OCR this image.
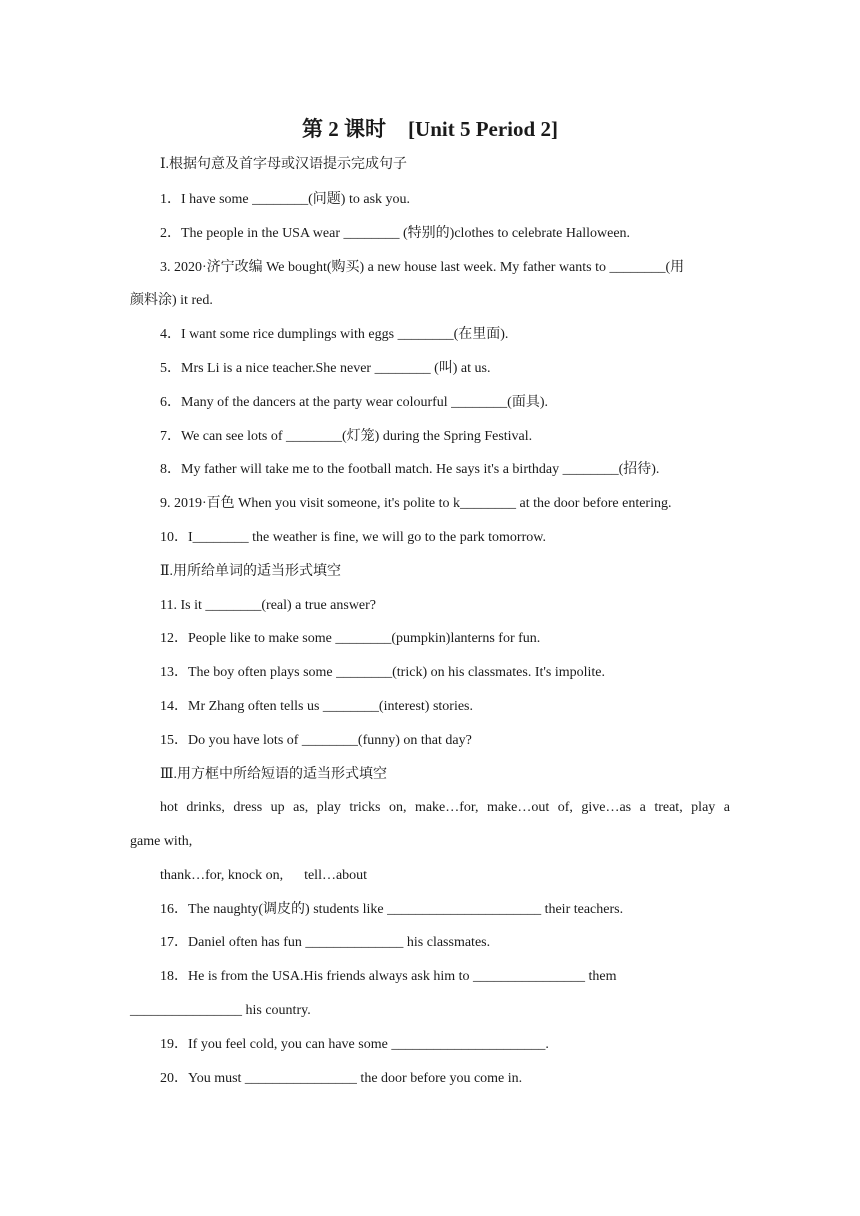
第 2 课时 [Unit 5 Period 2]
Ⅰ.根据句意及首字母或汉语提示完成句子
1．I have some ________(问题) to ask you.
2．The people in the USA wear ________ (特别的)clothes to celebrate Halloween.
3. 2020·济宁改编 We bought(购买) a new house last week. My father wants to ________(用
颜料涂) it red.
4．I want some rice dumplings with eggs ________(在里面).
5．Mrs Li is a nice teacher.She never ________ (叫) at us.
6．Many of the dancers at the party wear colourful ________(面具).
7．We can see lots of ________(灯笼) during the Spring Festival.
8．My father will take me to the football match. He says it's a birthday ________(招待).
9. 2019·百色 When you visit someone, it's polite to k________ at the door before entering.
10．I________ the weather is fine, we will go to the park tomorrow.
Ⅱ.用所给单词的适当形式填空
11. Is it ________(real) a true answer?
12．People like to make some ________(pumpkin)lanterns for fun.
13．The boy often plays some ________(trick) on his classmates. It's impolite.
14．Mr Zhang often tells us ________(interest) stories.
15．Do you have lots of ________(funny) on that day?
Ⅲ.用方框中所给短语的适当形式填空
hot drinks, dress up as, play tricks on, make…for, make…out of, give…as a treat, play a
game with,
thank…for, knock on,      tell…about
16．The naughty(调皮的) students like ______________________ their teachers.
17．Daniel often has fun ______________ his classmates.
18．He is from the USA.His friends always ask him to ________________ them
________________ his country.
19．If you feel cold, you can have some ______________________.
20．You must ________________ the door before you come in.
